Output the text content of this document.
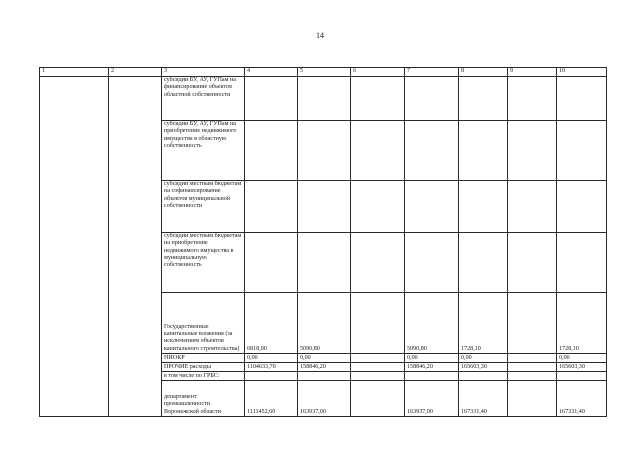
14
1	2	3	4	5	6	7	8	9	10
		субсидии БУ, АУ, ГУПам на финансирование объектов областной собственности							
		субсидии БУ, АУ, ГУПам на приобретение недвижимого имущества в областную собственность							
		субсидии местным бюджетам на софинансирование объектов муниципальной собственности							
		субсидии местным бюджетам на приобретение недвижимого имущества в муниципальную собственность							
		Государственные капитальные вложения (за исключением объектов капитального строительства)	6818,90	5090,80		5090,80	1728,10		1728,10
		НИОКР	0,00	0,00		0,00	0,00		0,00
		ПРОЧИЕ расходы	1104633,70	158846,20		158846,20	165603,30		165603,30
		в том числе по ГРБС:							
		департамент промышленности Воронежской области	1111452,60	163937,00		163937,00	167331,40		167331,40
